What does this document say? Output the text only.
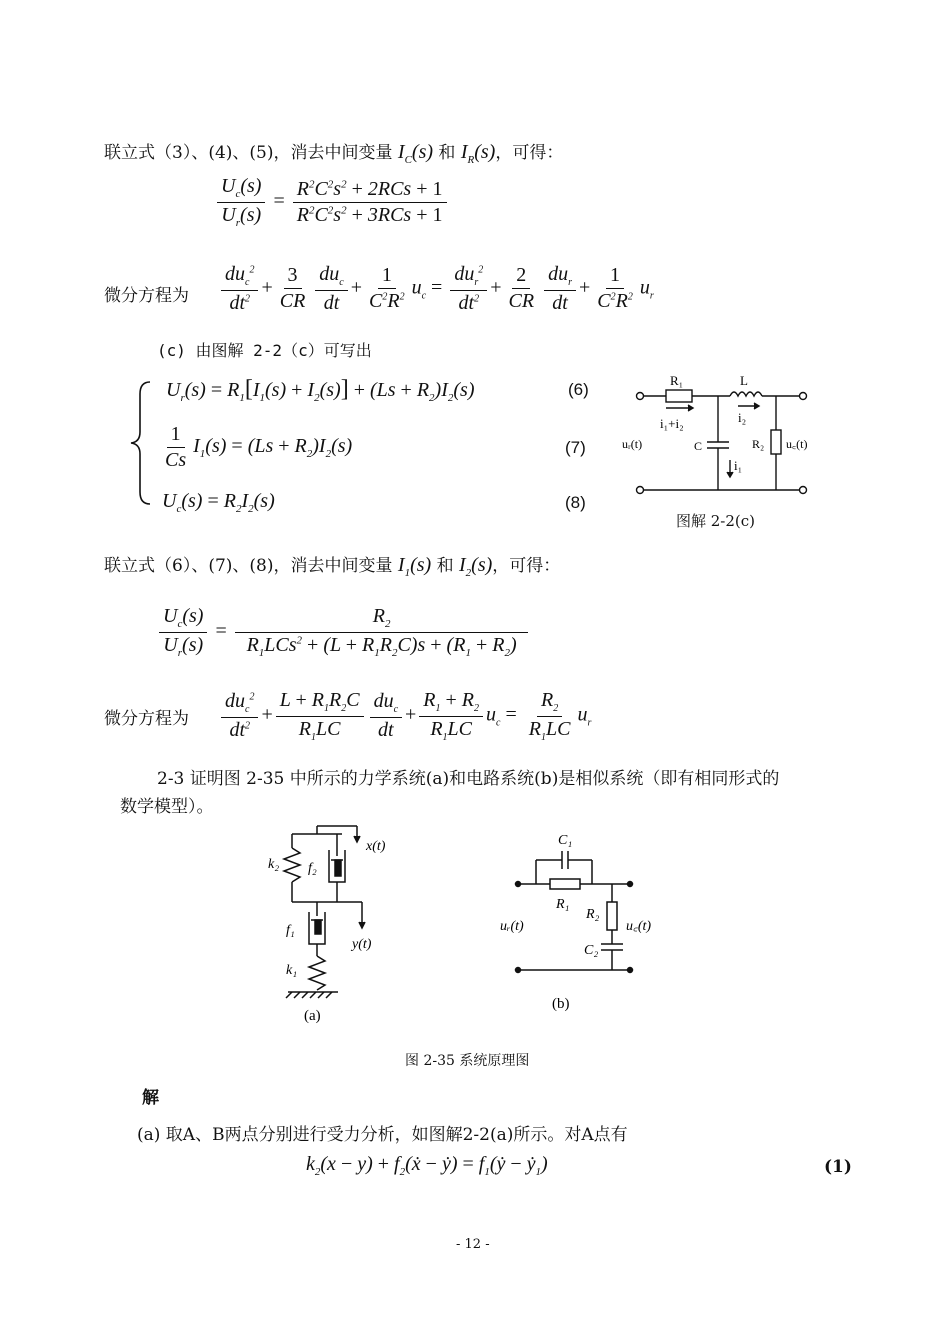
联立式（3）、(4)、(5)，消去中间变量 $I_C(s)$ 和 $I_R(s)$，可得：
$\frac{U_c(s)}{U_r(s)} = \frac{R^2C^2s^2 + 2RCs + 1}{R^2C^2s^2 + 3RCs + 1}$
微分方程为 $\frac{du_c^2}{dt^2} + \frac{3}{CR} \frac{du_c}{dt} + \frac{1}{C^2R^2} u_c = \frac{du_r^2}{dt^2} + \frac{2}{CR} \frac{du_r}{dt} + \frac{1}{C^2R^2} u_r$
(c) 由图解 2-2（c）可写出
$U_r(s) = R_1[I_1(s) + I_2(s)] + (Ls + R_2)I_2(s)$	(6)
$\frac{1}{Cs} I_1(s) = (Ls + R_2)I_2(s)$	(7)
$U_c(s) = R_2I_2(s)$	(8)
R₁	L
i₁+i₂	i₂
uᵣ(t)	C	R₂ u꜀(t)
i₁
图解 2-2(c)
联立式（6）、(7)、(8)，消去中间变量 $I_1(s)$ 和 $I_2(s)$，可得：
$\frac{U_c(s)}{U_r(s)} = \frac{R_2}{R_1LCs^2 + (L + R_1R_2C)s + (R_1 + R_2)}$
微分方程为 $\frac{du_c^2}{dt^2} + \frac{L + R_1R_2C}{R_1LC} \frac{du_c}{dt} + \frac{R_1 + R_2}{R_1LC} u_c = \frac{R_2}{R_1LC} u_r$
2-3 证明图 2-35 中所示的力学系统(a)和电路系统(b)是相似系统（即有相同形式的
数学模型）。
k₂ f₂
x(t)
f₁
y(t)
k₁
(a)
C₁
R₁
R₂
uᵣ(t)	u꜀(t)
C₂
(b)
图 2-35 系统原理图
解
(a) 取A、B两点分别进行受力分析，如图解2-2(a)所示。对A点有
$k_2(x - y)$ + $f_2(ẋ$ − ẏ) = $f_1(ẏ$ − ẏ$_1$)	(1)
- 12 -
